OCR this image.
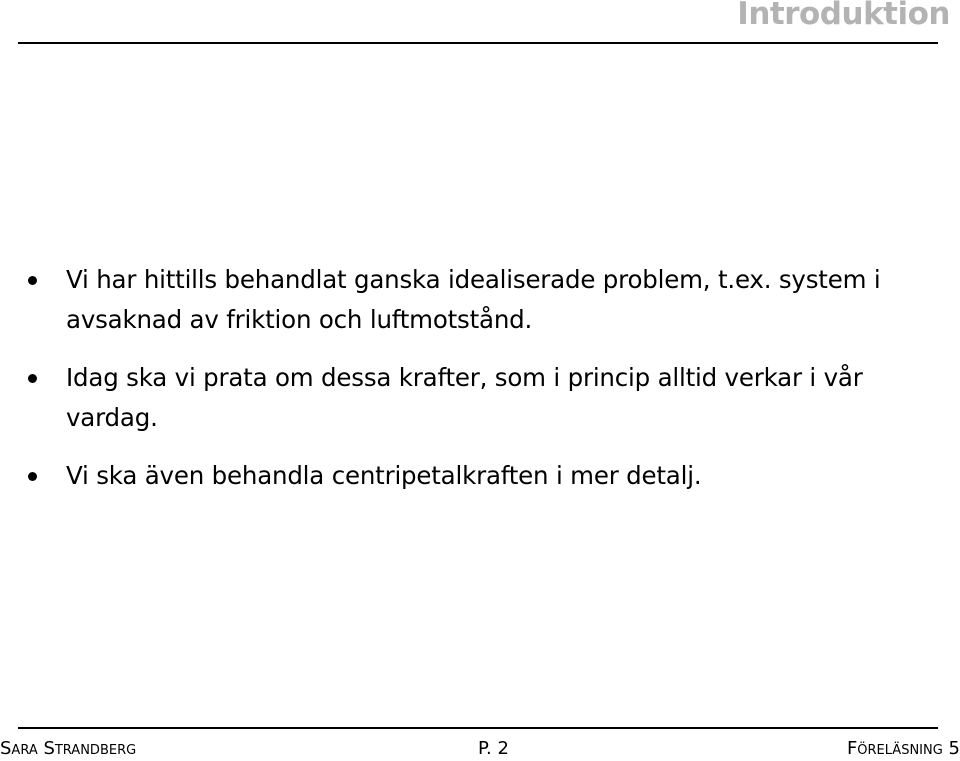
Introduktion
Vi har hittills behandlat ganska idealiserade problem, t.ex. system i avsaknad av friktion och luftmotstånd.
Idag ska vi prata om dessa krafter, som i princip alltid verkar i vår vardag.
Vi ska även behandla centripetalkraften i mer detalj.
Sara Strandberg	P. 2	Föreläsning 5
